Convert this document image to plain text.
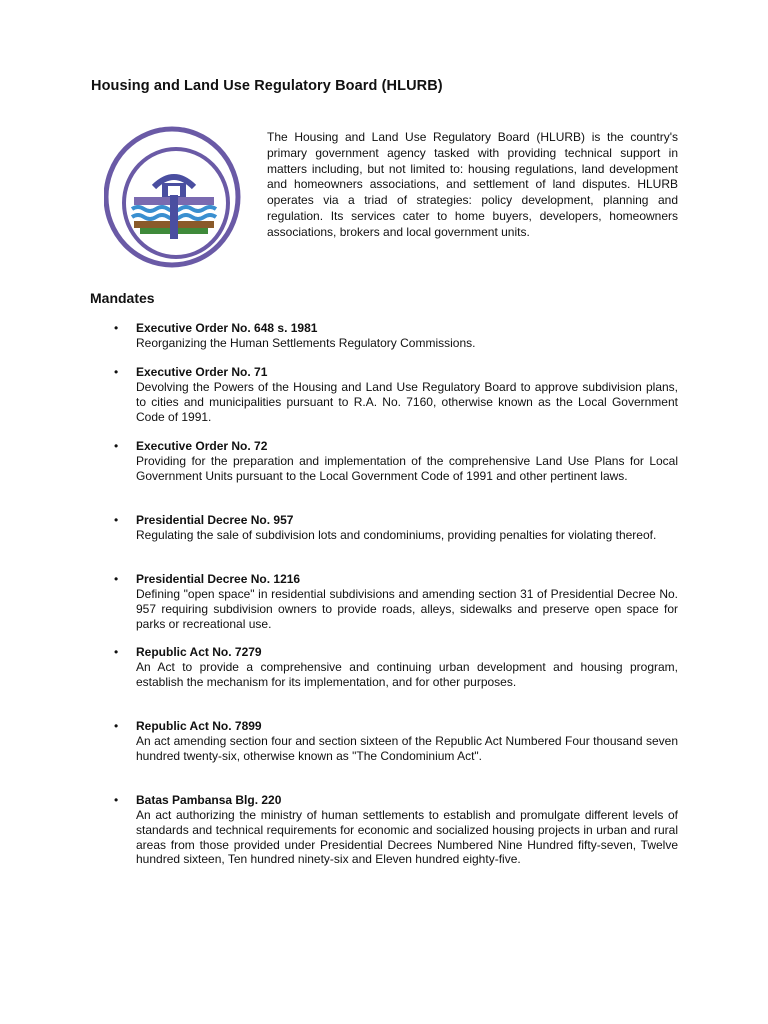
Housing and Land Use Regulatory Board (HLURB)
The Housing and Land Use Regulatory Board (HLURB) is the country's primary government agency tasked with providing technical support in matters including, but not limited to: housing regulations, land development and homeowners associations, and settlement of land disputes. HLURB operates via a triad of strategies: policy development, planning and regulation. Its services cater to home buyers, developers, homeowners associations, brokers and local government units.
Mandates
• Executive Order No. 648 s. 1981
Reorganizing the Human Settlements Regulatory Commissions.
• Executive Order No. 71
Devolving the Powers of the Housing and Land Use Regulatory Board to approve subdivision plans, to cities and municipalities pursuant to R.A. No. 7160, otherwise known as the Local Government Code of 1991.
• Executive Order No. 72
Providing for the preparation and implementation of the comprehensive Land Use Plans for Local Government Units pursuant to the Local Government Code of 1991 and other pertinent laws.
• Presidential Decree No. 957
Regulating the sale of subdivision lots and condominiums, providing penalties for violating thereof.
• Presidential Decree No. 1216
Defining "open space" in residential subdivisions and amending section 31 of Presidential Decree No. 957 requiring subdivision owners to provide roads, alleys, sidewalks and preserve open space for parks or recreational use.
• Republic Act No. 7279
An Act to provide a comprehensive and continuing urban development and housing program, establish the mechanism for its implementation, and for other purposes.
• Republic Act No. 7899
An act amending section four and section sixteen of the Republic Act Numbered Four thousand seven hundred twenty-six, otherwise known as "The Condominium Act".
• Batas Pambansa Blg. 220
An act authorizing the ministry of human settlements to establish and promulgate different levels of standards and technical requirements for economic and socialized housing projects in urban and rural areas from those provided under Presidential Decrees Numbered Nine Hundred fifty-seven, Twelve hundred sixteen, Ten hundred ninety-six and Eleven hundred eighty-five.
